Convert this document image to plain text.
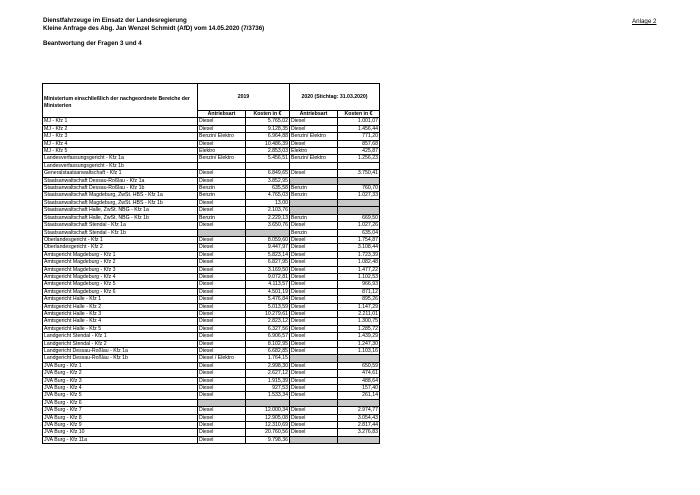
Dienstfahrzeuge im Einsatz der Landesregierung
Kleine Anfrage des Abg. Jan Wenzel Schmidt (AfD) vom 14.05.2020 (7/3736)
Beantwortung der Fragen 3 und 4
Anlage 2
Ministerium einschließlich der nachgeordnete Bereiche der Ministerien	2019		2020 (Stichtag: 31.03.2020)	
	Antriebsart	Kosten in €	Antriebsart	Kosten in €
MJ - Kfz 1	Diesel	5.765,02	Diesel	1.001,07
MJ - Kfz 2	Diesel	9.128,35	Diesel	1.456,44
MJ - Kfz 3	Benzin/ Elektro	6.964,88	Benzin/ Elektro	771,20
MJ - Kfz 4	Diesel	10.486,39	Diesel	857,68
MJ - Kfz 5	Elektro	2.853,03	Elektro	425,87
Landesverfassungsgericht - Kfz 1a	Benzin/ Elektro	5.456,51	Benzin/ Elektro	1.256,23
Landesverfassungsgericht - Kfz 1b				
Generalstaatsanwaltschaft - Kfz 1	Diesel	6.849,65	Diesel	3.750,41
Staatsanwaltschaft Dessau-Roßlau - Kfz 1a	Diesel	3.852,95		
Staatsanwaltschaft Dessau-Roßlau - Kfz 1b	Benzin	635,58	Benzin	760,70
Staatsanwaltschaft Magdeburg, ZwSt. HBS - Kfz 1a	Benzin	4.765,03	Benzin	1.027,33
Staatsanwaltschaft Magdeburg, ZwSt. HBS - Kfz 1b	Diesel	13,00		
Staatsanwaltschaft Halle, ZwSt. NBG - Kfz 1a	Diesel	2.103,76		
Staatsanwaltschaft Halle, ZwSt. NBG - Kfz 1b	Benzin	2.229,13	Benzin	669,50
Staatsanwaltschaft Stendal - Kfz 1a	Diesel	3.650,76	Diesel	1.027,26
Staatsanwaltschaft Stendal - Kfz 1b			Benzin	635,04
Oberlandesgericht - Kfz 1	Diesel	8.059,60	Diesel	1.754,87
Oberlandesgericht - Kfz 2	Diesel	9.447,97	Diesel	3.108,44
Amtsgericht Magdeburg - Kfz 1	Diesel	5.823,14	Diesel	1.723,39
Amtsgericht Magdeburg - Kfz 2	Diesel	6.827,95	Diesel	1.082,48
Amtsgericht Magdeburg - Kfz 3	Diesel	3.169,50	Diesel	1.477,22
Amtsgericht Magdeburg - Kfz 4	Diesel	9.072,81	Diesel	1.102,53
Amtsgericht Magdeburg - Kfz 5	Diesel	4.113,57	Diesel	966,93
Amtsgericht Magdeburg - Kfz 6	Diesel	4.501,19	Diesel	871,12
Amtsgericht Halle - Kfz 1	Diesel	5.476,84	Diesel	895,26
Amtsgericht Halle - Kfz 2	Diesel	5.013,59	Diesel	1.147,29
Amtsgericht Halle - Kfz 3	Diesel	10.279,61	Diesel	2.211,01
Amtsgericht Halle - Kfz 4	Diesel	2.823,12	Diesel	1.300,75
Amtsgericht Halle - Kfz 5	Diesel	6.327,56	Diesel	1.285,72
Landgericht Stendal - Kfz 1	Diesel	6.906,57	Diesel	1.439,29
Landgericht Stendal - Kfz 2	Diesel	8.102,95	Diesel	1.247,30
Landgericht Dessau-Roßlau - Kfz 1a	Diesel	6.682,85	Diesel	1.103,16
Landgericht Dessau-Roßlau - Kfz 1b	Diesel / Elektro	1.764,15		
JVA Burg - Kfz 1	Diesel	2.998,30	Diesel	650,59
JVA Burg - Kfz 2	Diesel	2.627,12	Diesel	474,61
JVA Burg - Kfz 3	Diesel	1.915,39	Diesel	488,64
JVA Burg - Kfz 4	Diesel	927,53	Diesel	157,40
JVA Burg - Kfz 5	Diesel	1.533,34	Diesel	261,14
JVA Burg - Kfz 6				
JVA Burg - Kfz 7	Diesel	12.000,34	Diesel	2.974,77
JVA Burg - Kfz 8	Diesel	12.905,08	Diesel	3.054,43
JVA Burg - Kfz 9	Diesel	12.310,69	Diesel	2.817,44
JVA Burg - Kfz 10	Diesel	20.760,56	Diesel	3.276,83
JVA Burg - Kfz 11a	Diesel	9.798,36		
